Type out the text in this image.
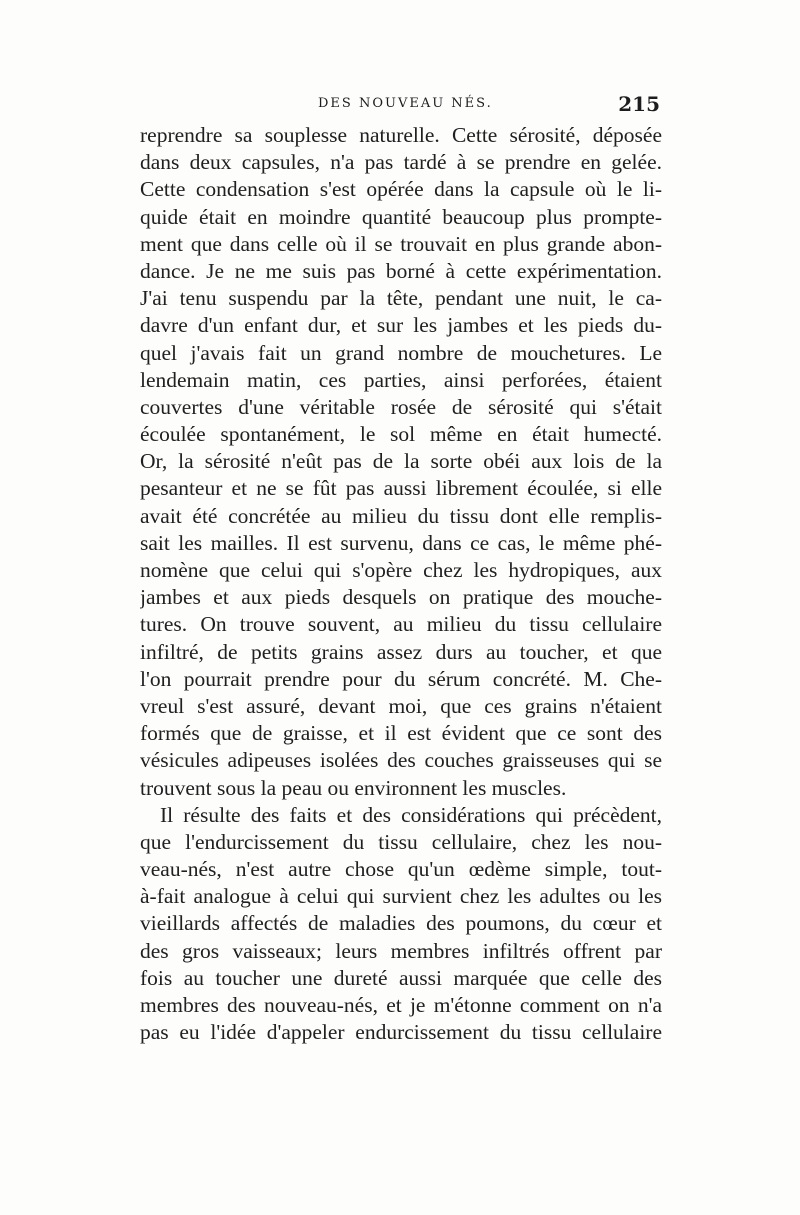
DES NOUVEAU NÉS.	215
reprendre sa souplesse naturelle. Cette sérosité, déposée
dans deux capsules, n'a pas tardé à se prendre en gelée.
Cette condensation s'est opérée dans la capsule où le li-
quide était en moindre quantité beaucoup plus prompte-
ment que dans celle où il se trouvait en plus grande abon-
dance. Je ne me suis pas borné à cette expérimentation.
J'ai tenu suspendu par la tête, pendant une nuit, le ca-
davre d'un enfant dur, et sur les jambes et les pieds du-
quel j'avais fait un grand nombre de mouchetures. Le
lendemain matin, ces parties, ainsi perforées, étaient
couvertes d'une véritable rosée de sérosité qui s'était
écoulée spontanément, le sol même en était humecté.
Or, la sérosité n'eût pas de la sorte obéi aux lois de la
pesanteur et ne se fût pas aussi librement écoulée, si elle
avait été concrétée au milieu du tissu dont elle remplis-
sait les mailles. Il est survenu, dans ce cas, le même phé-
nomène que celui qui s'opère chez les hydropiques, aux
jambes et aux pieds desquels on pratique des mouche-
tures. On trouve souvent, au milieu du tissu cellulaire
infiltré, de petits grains assez durs au toucher, et que
l'on pourrait prendre pour du sérum concrété. M. Che-
vreul s'est assuré, devant moi, que ces grains n'étaient
formés que de graisse, et il est évident que ce sont des
vésicules adipeuses isolées des couches graisseuses qui se
trouvent sous la peau ou environnent les muscles.
Il résulte des faits et des considérations qui précèdent,
que l'endurcissement du tissu cellulaire, chez les nou-
veau-nés, n'est autre chose qu'un œdème simple, tout-
à-fait analogue à celui qui survient chez les adultes ou les
vieillards affectés de maladies des poumons, du cœur et
des gros vaisseaux; leurs membres infiltrés offrent par
fois au toucher une dureté aussi marquée que celle des
membres des nouveau-nés, et je m'étonne comment on n'a
pas eu l'idée d'appeler endurcissement du tissu cellulaire
